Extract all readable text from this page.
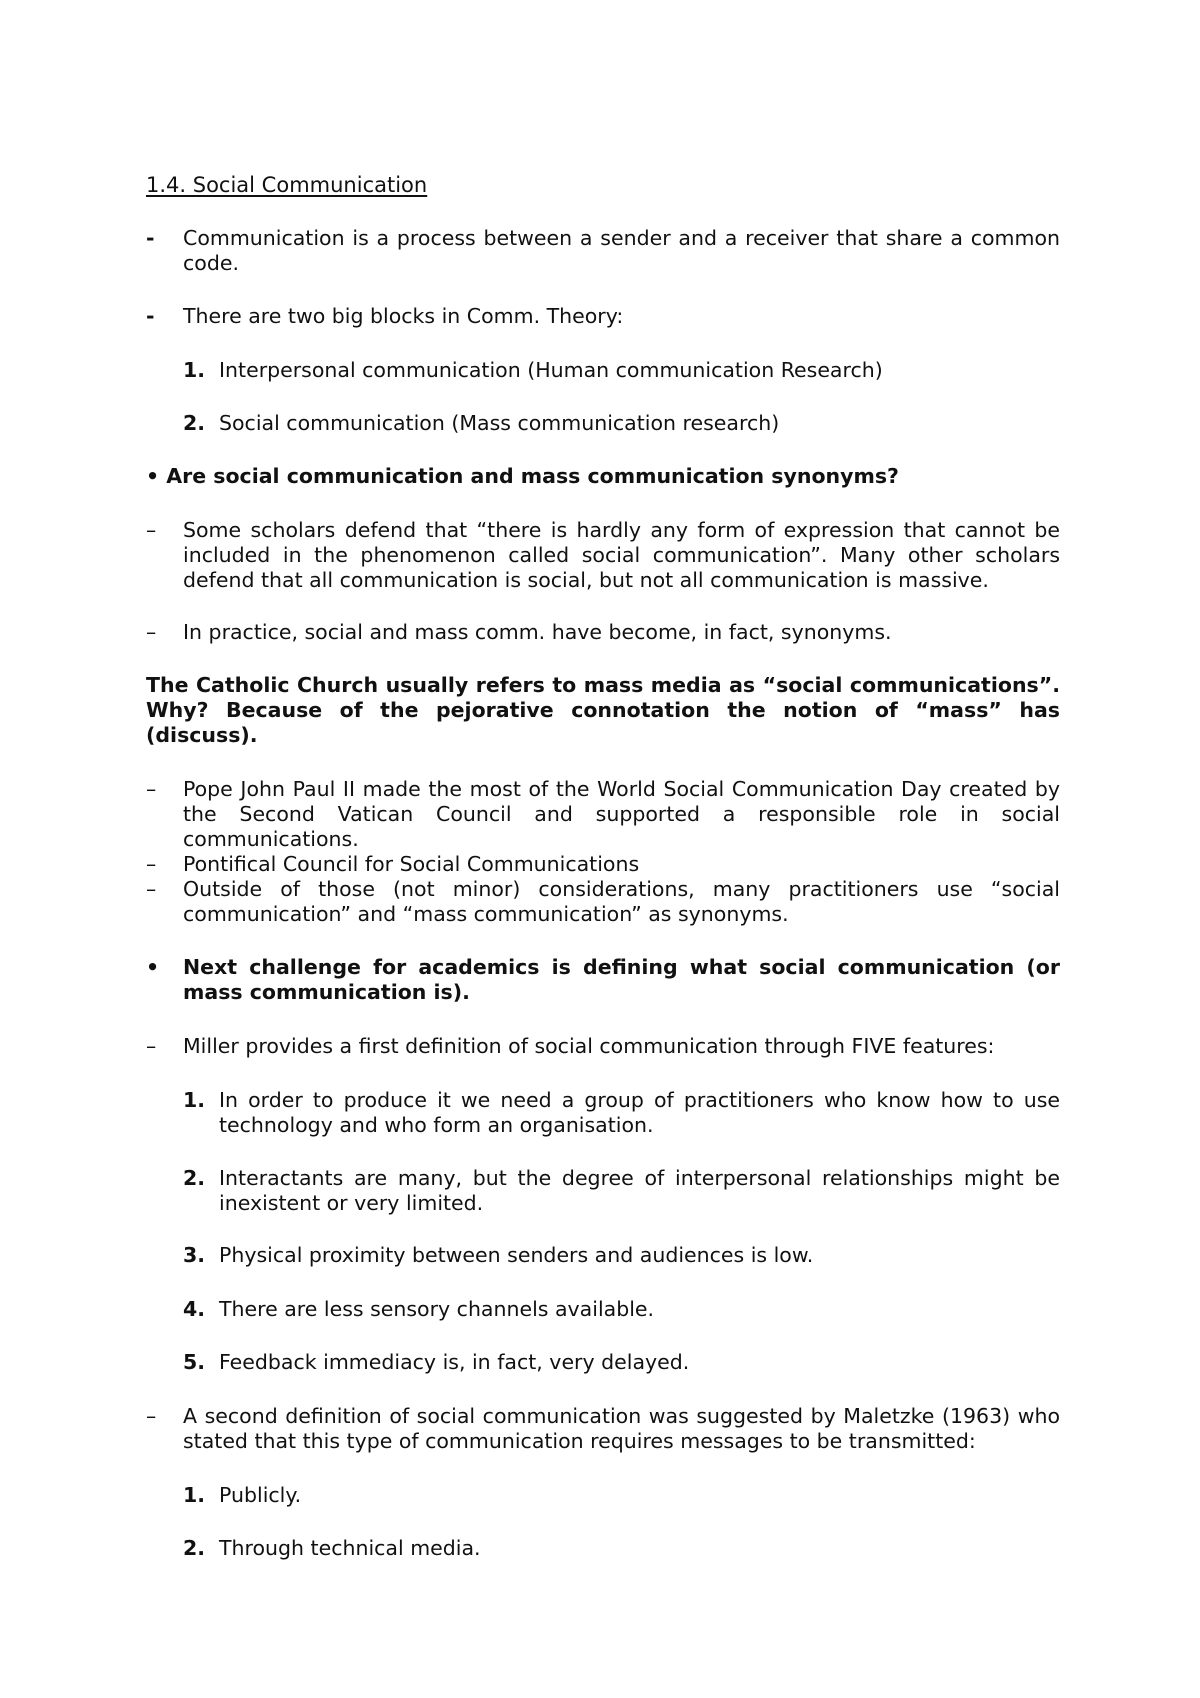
1.4. Social Communication
- Communication is a process between a sender and a receiver that share a common code.
- There are two big blocks in Comm. Theory:
1. Interpersonal communication (Human communication Research)
2. Social communication (Mass communication research)
• Are social communication and mass communication synonyms?
– Some scholars defend that “there is hardly any form of expression that cannot be included in the phenomenon called social communication”. Many other scholars defend that all communication is social, but not all communication is massive.
– In practice, social and mass comm. have become, in fact, synonyms.
The Catholic Church usually refers to mass media as “social communications”. Why? Because of the pejorative connotation the notion of “mass” has (discuss).
– Pope John Paul II made the most of the World Social Communication Day created by the Second Vatican Council and supported a responsible role in social communications.
– Pontifical Council for Social Communications
– Outside of those (not minor) considerations, many practitioners use “social communication” and “mass communication” as synonyms.
• Next challenge for academics is defining what social communication (or mass communication is).
– Miller provides a first definition of social communication through FIVE features:
1. In order to produce it we need a group of practitioners who know how to use technology and who form an organisation.
2. Interactants are many, but the degree of interpersonal relationships might be inexistent or very limited.
3. Physical proximity between senders and audiences is low.
4. There are less sensory channels available.
5. Feedback immediacy is, in fact, very delayed.
– A second definition of social communication was suggested by Maletzke (1963) who stated that this type of communication requires messages to be transmitted:
1. Publicly.
2. Through technical media.
